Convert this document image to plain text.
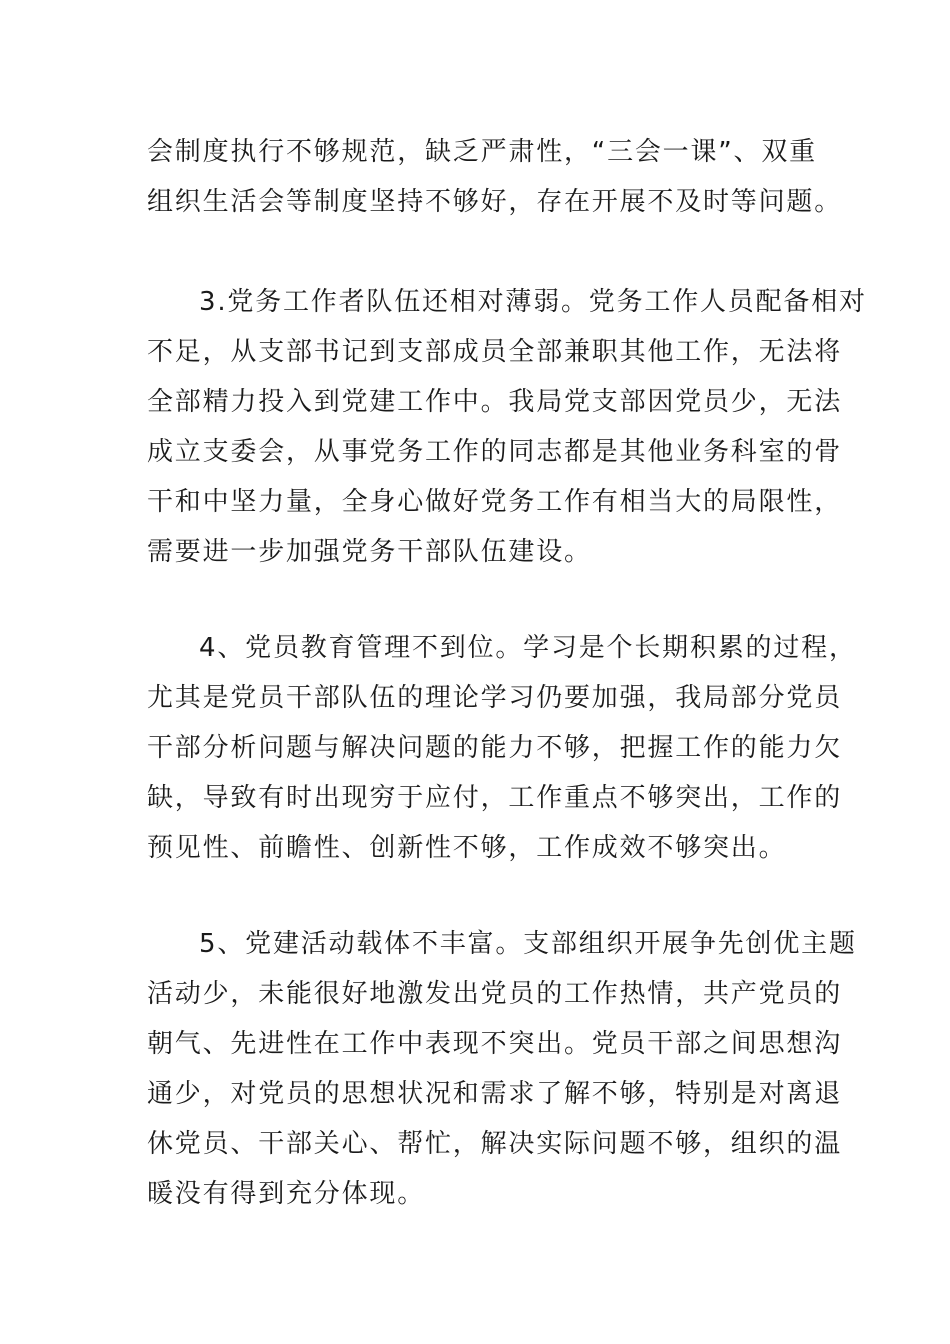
会制度执行不够规范，缺乏严肃性，“三会一课”、双重
组织生活会等制度坚持不够好，存在开展不及时等问题。
3.党务工作者队伍还相对薄弱。党务工作人员配备相对
不足，从支部书记到支部成员全部兼职其他工作，无法将
全部精力投入到党建工作中。我局党支部因党员少，无法
成立支委会，从事党务工作的同志都是其他业务科室的骨
干和中坚力量，全身心做好党务工作有相当大的局限性，
需要进一步加强党务干部队伍建设。
4、党员教育管理不到位。学习是个长期积累的过程，
尤其是党员干部队伍的理论学习仍要加强，我局部分党员
干部分析问题与解决问题的能力不够，把握工作的能力欠
缺，导致有时出现穷于应付，工作重点不够突出，工作的
预见性、前瞻性、创新性不够，工作成效不够突出。
5、党建活动载体不丰富。支部组织开展争先创优主题
活动少，未能很好地激发出党员的工作热情，共产党员的
朝气、先进性在工作中表现不突出。党员干部之间思想沟
通少，对党员的思想状况和需求了解不够，特别是对离退
休党员、干部关心、帮忙，解决实际问题不够，组织的温
暖没有得到充分体现。
